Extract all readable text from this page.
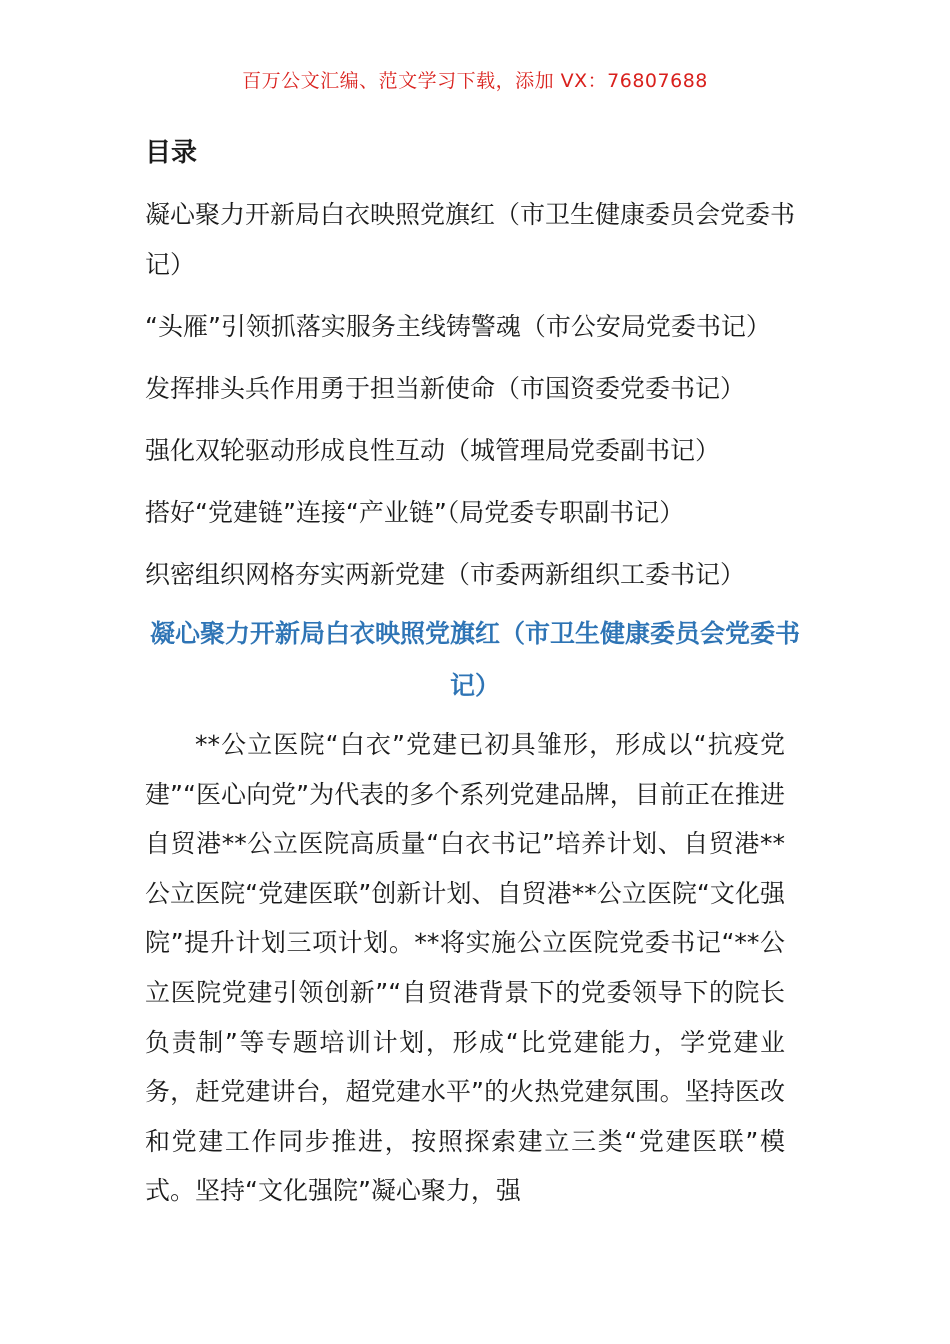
百万公文汇编、范文学习下载，添加 VX：76807688
目录
凝心聚力开新局白衣映照党旗红（市卫生健康委员会党委书记）
“头雁”引领抓落实服务主线铸警魂（市公安局党委书记）
发挥排头兵作用勇于担当新使命（市国资委党委书记）
强化双轮驱动形成良性互动（城管理局党委副书记）
搭好“党建链”连接“产业链”（局党委专职副书记）
织密组织网格夯实两新党建（市委两新组织工委书记）
凝心聚力开新局白衣映照党旗红（市卫生健康委员会党委书记）

**公立医院“白衣”党建已初具雏形，形成以“抗疫党建”“医心向党”为代表的多个系列党建品牌，目前正在推进自贸港**公立医院高质量“白衣书记”培养计划、自贸港**公立医院“党建医联”创新计划、自贸港**公立医院“文化强院”提升计划三项计划。**将实施公立医院党委书记“**公立医院党建引领创新”“自贸港背景下的党委领导下的院长负责制”等专题培训计划，形成“比党建能力，学党建业务，赶党建讲台，超党建水平”的火热党建氛围。坚持医改和党建工作同步推进，按照探索建立三类“党建医联”模式。坚持“文化强院”凝心聚力，强
